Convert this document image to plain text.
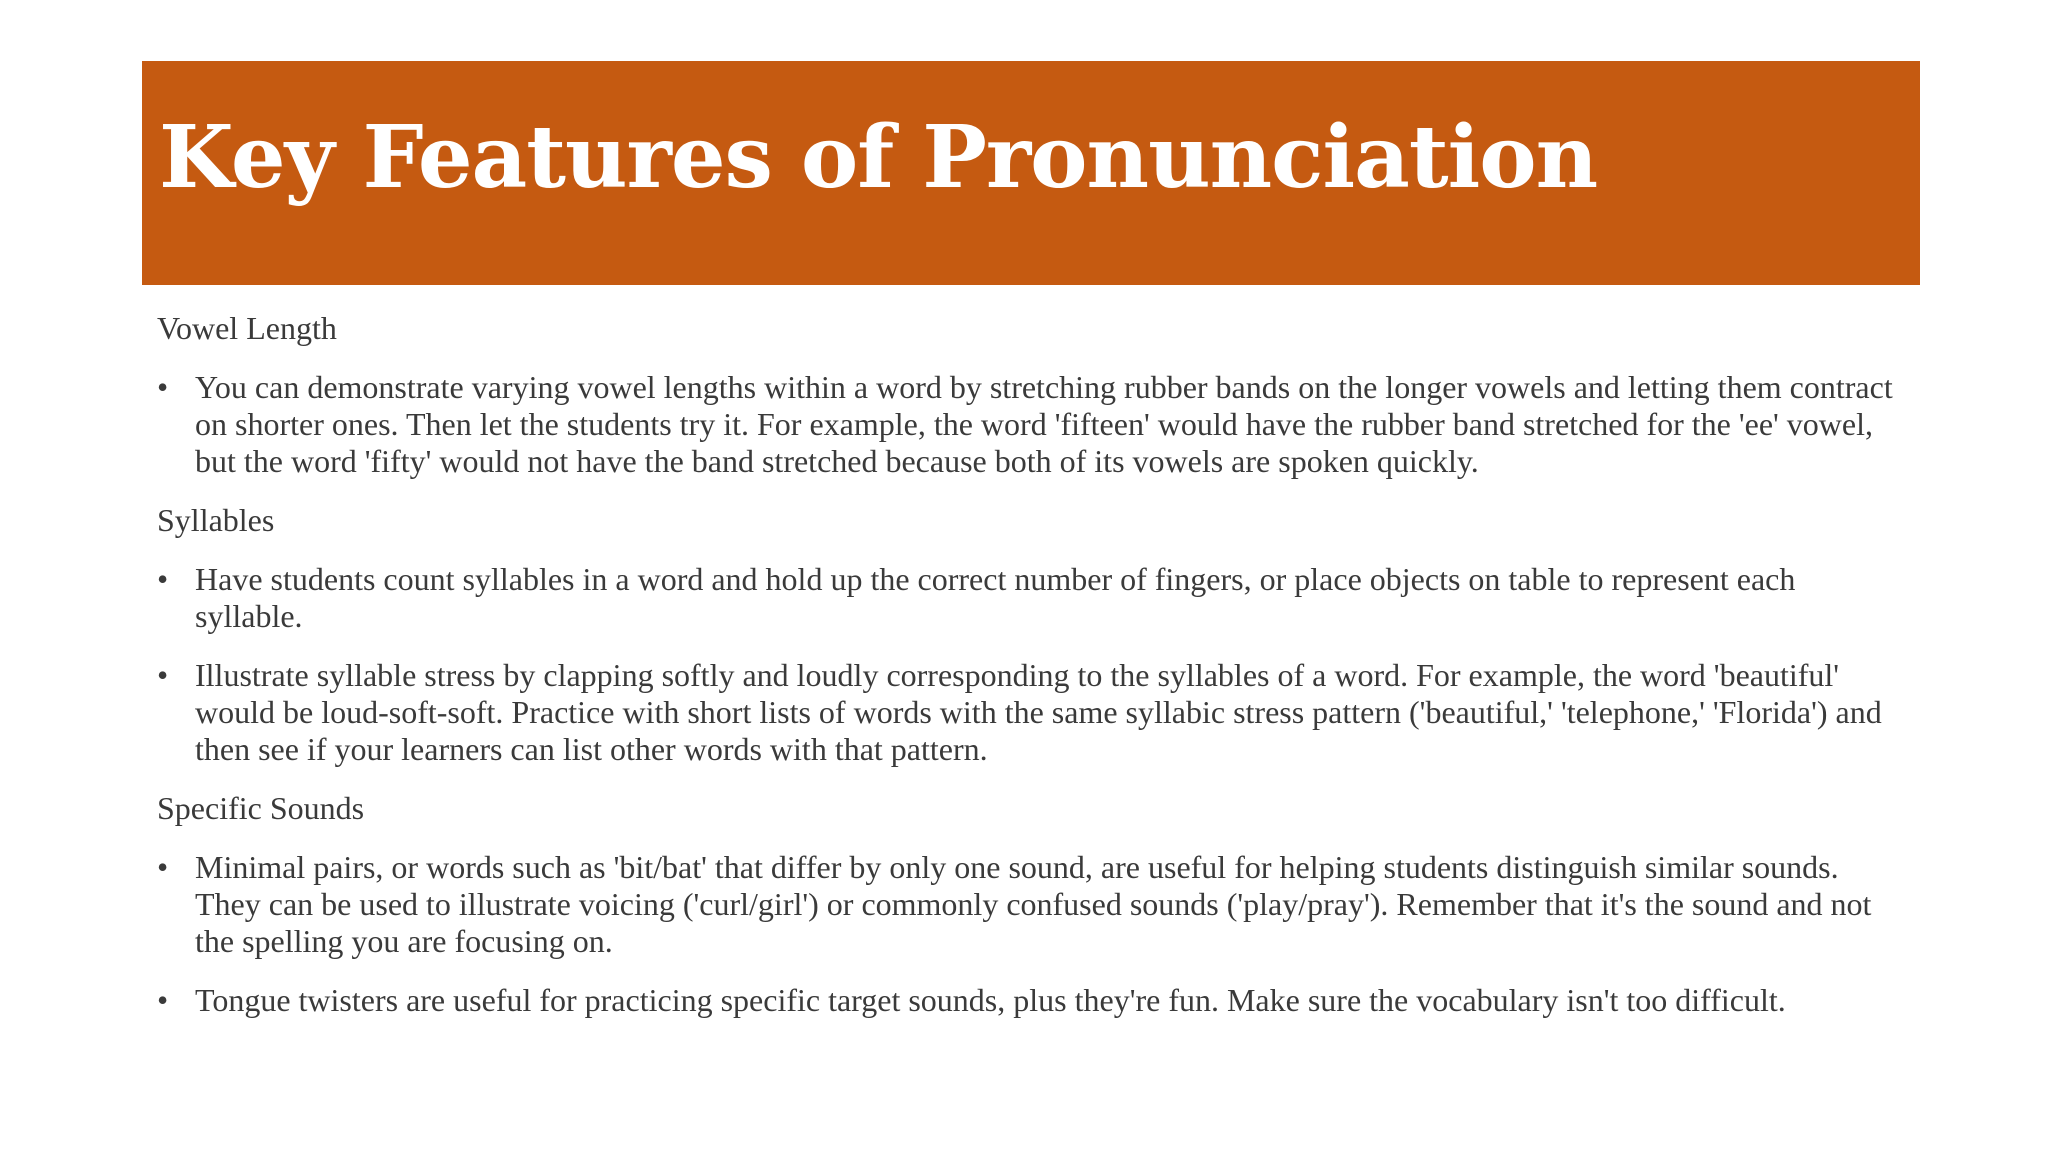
Key Features of Pronunciation

Vowel Length

• You can demonstrate varying vowel lengths within a word by stretching rubber bands on the longer vowels and letting them contract on shorter ones. Then let the students try it. For example, the word 'fifteen' would have the rubber band stretched for the 'ee' vowel, but the word 'fifty' would not have the band stretched because both of its vowels are spoken quickly.

Syllables

• Have students count syllables in a word and hold up the correct number of fingers, or place objects on table to represent each syllable.
• Illustrate syllable stress by clapping softly and loudly corresponding to the syllables of a word. For example, the word 'beautiful' would be loud-soft-soft. Practice with short lists of words with the same syllabic stress pattern ('beautiful,' 'telephone,' 'Florida') and then see if your learners can list other words with that pattern.

Specific Sounds

• Minimal pairs, or words such as 'bit/bat' that differ by only one sound, are useful for helping students distinguish similar sounds. They can be used to illustrate voicing ('curl/girl') or commonly confused sounds ('play/pray'). Remember that it's the sound and not the spelling you are focusing on.
• Tongue twisters are useful for practicing specific target sounds, plus they're fun. Make sure the vocabulary isn't too difficult.
